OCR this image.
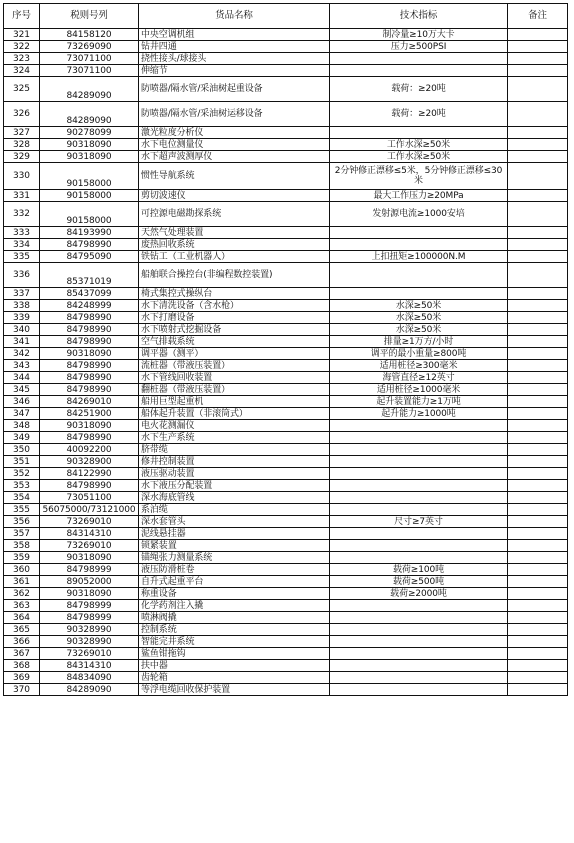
序号	税则号列	货品名称	技术指标	备注
321	84158120	中央空调机组	制冷量≥10万大卡	
322	73269090	钻井四通	压力≥500PSI	
323	73071100	挠性接头/球接头		
324	73071100	伸缩节		
325	84289090	防喷器/隔水管/采油树起重设备	载荷：≥20吨	
326	84289090	防喷器/隔水管/采油树运移设备	载荷：≥20吨	
327	90278099	激光粒度分析仪		
328	90318090	水下电位测量仪	工作水深≥50米	
329	90318090	水下超声波测厚仪	工作水深≥50米	
330	90158000	惯性导航系统	2分钟修正漂移≤5米，5分钟修正漂移≤30米	
331	90158000	剪切波速仪	最大工作压力≥20MPa	
332	90158000	可控源电磁勘探系统	发射源电流≥1000安培	
333	84193990	天然气处理装置		
334	84798990	废热回收系统		
335	84795090	铁钻工（工业机器人）	上扣扭矩≥100000N.M	
336	85371019	船舶联合操控台(非编程数控装置)		
337	85437099	椅式集控式操纵台		
338	84248999	水下清洗设备（含水枪）	水深≥50米	
339	84798990	水下打磨设备	水深≥50米	
340	84798990	水下喷射式挖掘设备	水深≥50米	
341	84798990	空气排载系统	排量≥1万方/小时	
342	90318090	调平器（测平）	调平的最小重量≥800吨	
343	84798990	流桩器（带液压装置）	适用桩径≥300毫米	
344	84798990	水下管线回收装置	海管直径≥12英寸	
345	84798990	翻桩器（带液压装置）	适用桩径≥1000毫米	
346	84269010	船用巨型起重机	起升装置能力≥1万吨	
347	84251900	船体起升装置（非滚筒式）	起升能力≥1000吨	
348	90318090	电火花测漏仪		
349	84798990	水下生产系统		
350	40092200	脐带缆		
351	90328900	修井控制装置		
352	84122990	液压驱动装置		
353	84798990	水下液压分配装置		
354	73051100	深水海底管线		
355	56075000/73121000	系泊缆		
356	73269010	深水套管头	尺寸≥7英寸	
357	84314310	泥线悬挂器		
358	73269010	锁紧装置		
359	90318090	锚绳张力测量系统		
360	84798999	液压防滑桩卷	载荷≥100吨	
361	89052000	自升式起重平台	载荷≥500吨	
362	90318090	称重设备	载荷≥2000吨	
363	84798999	化学药剂注入撬		
364	84798999	喷淋阀撬		
365	90328990	控制系统		
366	90328990	智能完井系统		
367	73269010	鲨鱼钳拖钩		
368	84314310	扶中器		
369	84834090	齿轮箱		
370	84289090	等浮电缆回收保护装置		
